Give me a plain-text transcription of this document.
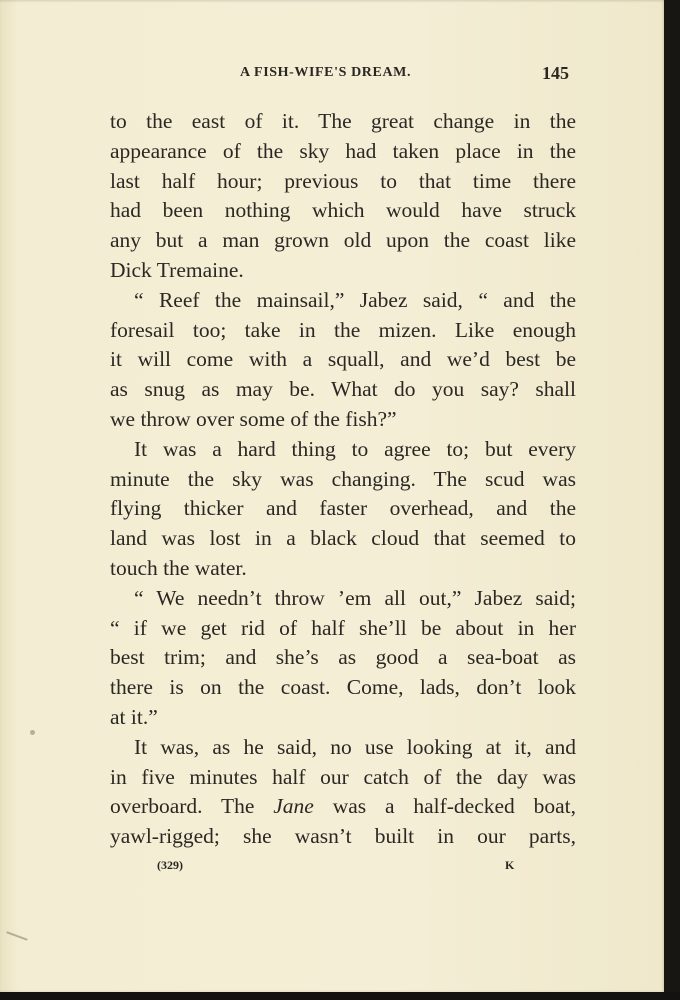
A FISH-WIFE'S DREAM.	145
to the east of it. The great change in the
appearance of the sky had taken place in the
last half hour; previous to that time there
had been nothing which would have struck
any but a man grown old upon the coast like
Dick Tremaine.
“ Reef the mainsail,” Jabez said, “ and the
foresail too; take in the mizen. Like enough
it will come with a squall, and we’d best be
as snug as may be. What do you say? shall
we throw over some of the fish?”
It was a hard thing to agree to; but every
minute the sky was changing. The scud was
flying thicker and faster overhead, and the
land was lost in a black cloud that seemed to
touch the water.
“ We needn’t throw ’em all out,” Jabez said;
“ if we get rid of half she’ll be about in her
best trim; and she’s as good a sea-boat as
there is on the coast. Come, lads, don’t look
at it.”
It was, as he said, no use looking at it, and
in five minutes half our catch of the day was
overboard. The Jane was a half-decked boat,
yawl-rigged; she wasn’t built in our parts,
(329)	K
